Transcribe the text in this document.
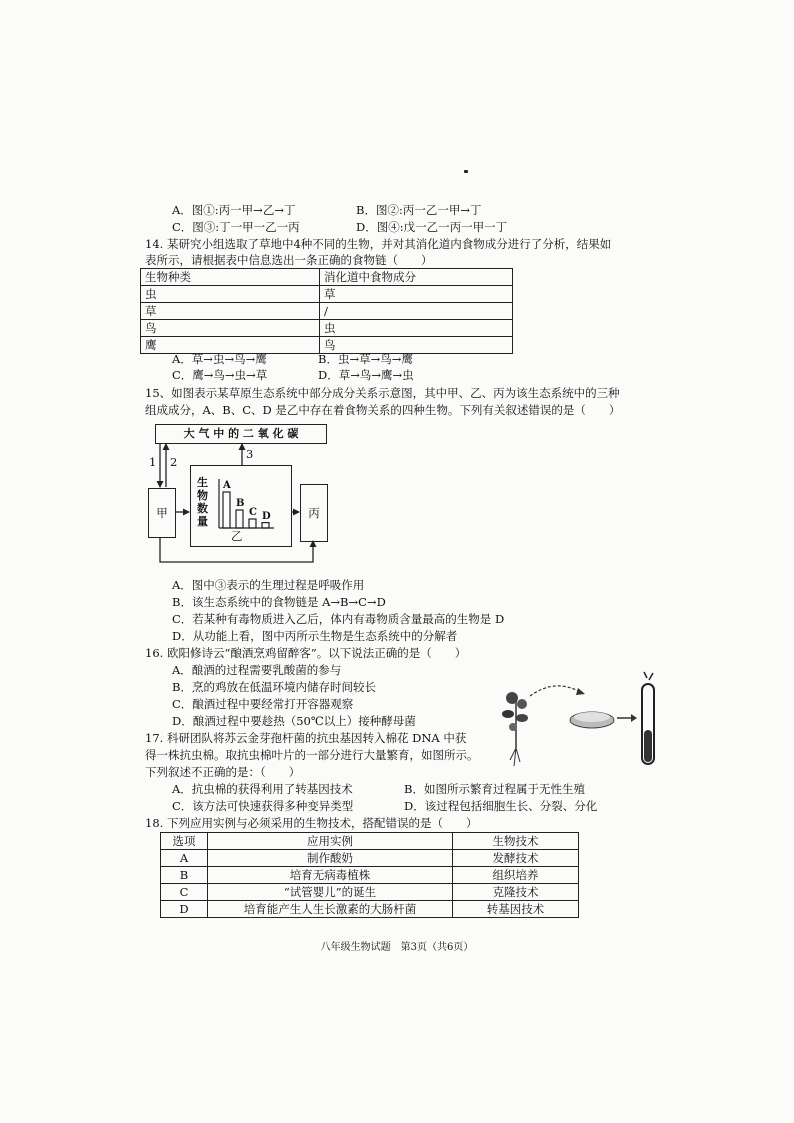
A．图①:丙一甲→乙→丁	B．图②:丙一乙一甲→丁
C．图③:丁一甲一乙一丙	D．图④:戊一乙一丙一甲一丁
14. 某研究小组选取了草地中4种不同的生物，并对其消化道内食物成分进行了分析，结果如
表所示，请根据表中信息选出一条正确的食物链（　　）
生物种类	消化道中食物成分
虫	草
草	/
鸟	虫
鹰	鸟
A．草→虫→鸟→鹰	B．虫→草→鸟→鹰
C．鹰→鸟→虫→草	D．草→鸟→鹰→虫
15、如图表示某草原生态系统中部分成分关系示意图，其中甲、乙、丙为该生态系统中的三种
组成成分，A、B、C、D 是乙中存在着食物关系的四种生物。下列有关叙述错误的是（　　）
大 气 中 的 二 氧 化 碳
甲	丙
1 2
3
生物数量
乙
A
B
C D
A．图中③表示的生理过程是呼吸作用
B．该生态系统中的食物链是 A→B→C→D
C．若某种有毒物质进入乙后，体内有毒物质含量最高的生物是 D
D．从功能上看，图中丙所示生物是生态系统中的分解者
16. 欧阳修诗云“酿酒烹鸡留醉客”。以下说法正确的是（　　）
A．酿酒的过程需要乳酸菌的参与
B．烹的鸡放在低温环境内储存时间较长
C．酿酒过程中要经常打开容器观察
D．酿酒过程中要趁热（50℃以上）接种酵母菌
17. 科研团队将苏云金芽孢杆菌的抗虫基因转入棉花 DNA 中获
得一株抗虫棉。取抗虫棉叶片的一部分进行大量繁育，如图所示。
下列叙述不正确的是：（　　）
A．抗虫棉的获得利用了转基因技术	B．如图所示繁育过程属于无性生殖
C．该方法可快速获得多种变异类型	D．该过程包括细胞生长、分裂、分化
18. 下列应用实例与必须采用的生物技术，搭配错误的是（　　）
选项	应用实例	生物技术
A	制作酸奶	发酵技术
B	培育无病毒植株	组织培养
C	“试管婴儿”的诞生	克隆技术
D	培育能产生人生长激素的大肠杆菌	转基因技术
八年级生物试题　第3页（共6页）
